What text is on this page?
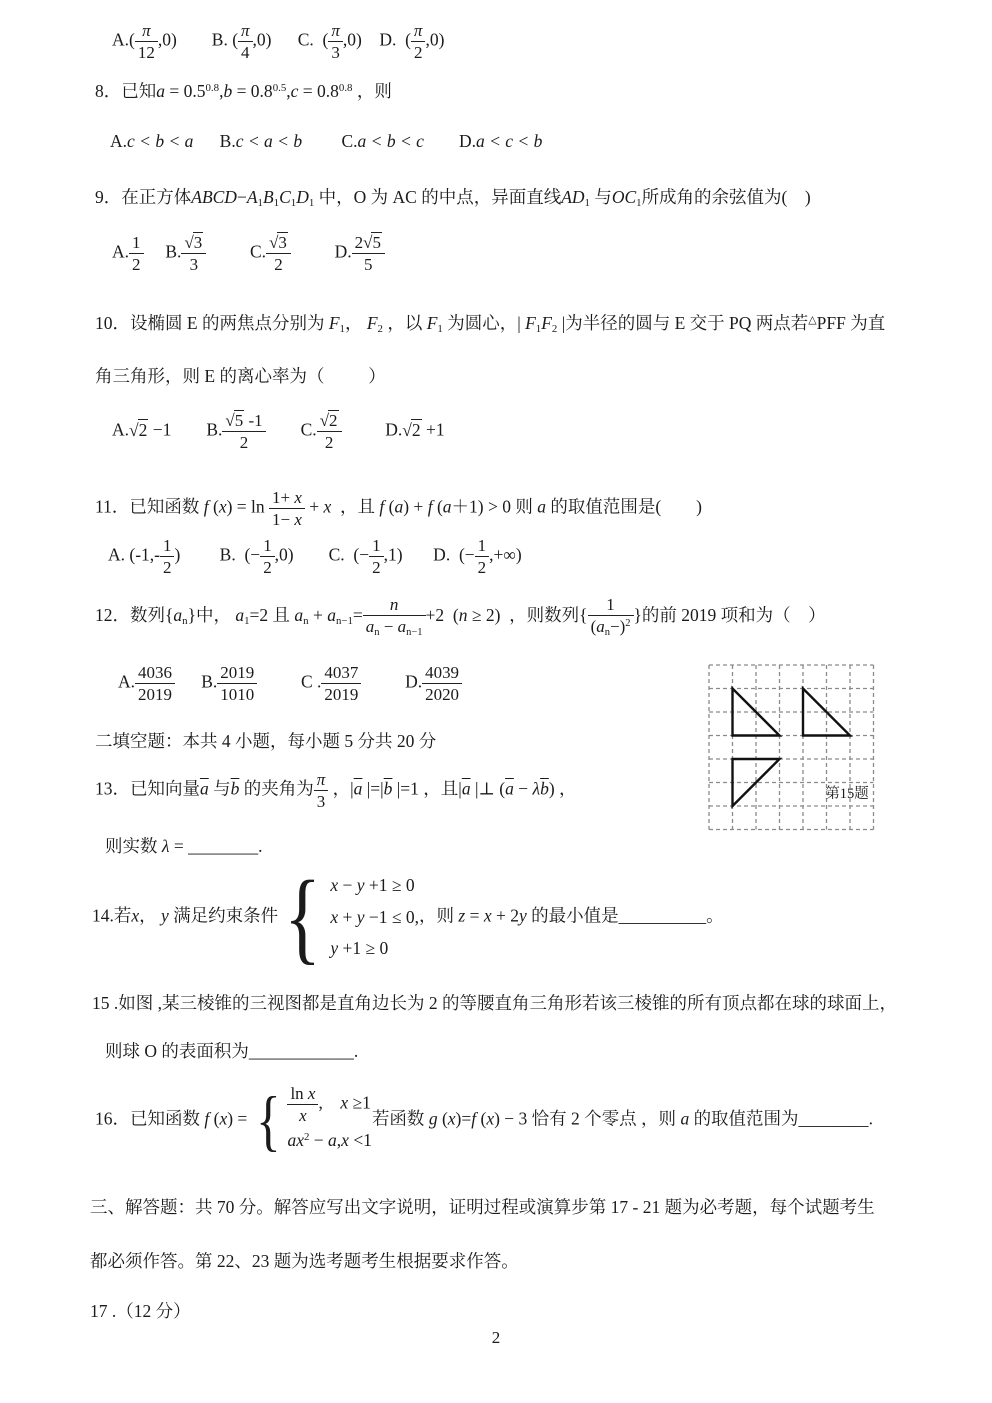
$A.( \frac{\pi}{12} ,0)$        B. ( $\frac{\pi}{4} ,0$)      C.  ( $\frac{\pi}{3} ,0$)    D.  ( $\frac{\pi}{2} ,0$)
8．已知$a = 0.5^{0.8},b = 0.8^{0.5},c = 0.8^{0.8}$ ，则
A.c < b < a      B.c < a < b         C.a < b < c        D.a < c < b
9．在正方体$ABCD-A_1B_1C_1D_1$ 中，O 为 AC 的中点，异面直线$AD_1$ 与$OC_1$所成角的余弦值为(　)
A. $\frac{1}{2} B$. $\frac{√3}{3} C$. $\frac{√3}{2} D$. $\frac{2√5}{5}$
10．设椭圆 E 的两焦点分别为 $F_1$， $F_2$ ，以 $F_1$ 为圆心，| $F_1F_2$ |为半径的圆与 E 交于 PQ 两点若△PFF 为直
角三角形，则 E 的离心率为（          ）
A.√2 −1        B. $\frac{√5 -1}{2} C$. $\frac{√2}{2} D.√2 +1$
11．已知函数 f $(x) = \ln \frac{1+ x}{1- x} + x$  ，且 f (a) + f (a＋1) > 0 则 a 的取值范围是(        )
A. ($-1,- \frac{1}{2}$ )         B.  (− $\frac{1}{2} ,0$)        C.  (− $\frac{1}{2} ,1$)       D.  (− $\frac{1}{2}$ ,+∞)
12．数列$\{a_n\}$中， $a_1=2$ 且 $a_n + a_{n-1}= \frac{n}{a_n - a_{n-1}} +2$  (n ≥ 2)  ，则数列{ $\frac{1}{(a_n-)^2}$ }的前 2019 项和为（　）
A. $\frac{4036}{2019} B$. $\frac{2019}{1010}$ C . $\frac{4037}{2019} D$. $\frac{4039}{2020}$
二填空题：本共 4 小题，每小题 5 分共 20 分
13．已知向量$\overline{a}$ 与$\overline{b}$ 的夹角为 $\frac{\pi}{3}$ ，$|\overline{a}$ $|=|\overline{b}$ |=1 ，且$|\overline{a}$ |⊥ $(\overline{a} - \lambda\overline{b})$ ，
则实数 λ = ________.
14.若x， y 满足约束条件 { x − y +1 ≥ 0
x + y −1 ≤ 0,
y +1 ≥ 0
，则 z = x + 2y 的最小值是__________。
15 .如图 ,某三棱锥的三视图都是直角边长为 2 的等腰直角三角形若该三棱锥的所有顶点都在球的球面上，
则球 O 的表面积为____________.
16．已知函数 f (x) = { $\frac{\text{ln x}}{x}$ ,    x ≥1
$ax^2 - a,x <1$
若函数 g (x)=f (x) − 3 恰有 2 个零点 ，则 a 的取值范围为________.
三、解答题：共 70 分。解答应写出文字说明，证明过程或演算步第 17 - 21 题为必考题，每个试题考生
都必须作答。第 22、23 题为选考题考生根据要求作答。
17 .（12 分）
第15题
2
